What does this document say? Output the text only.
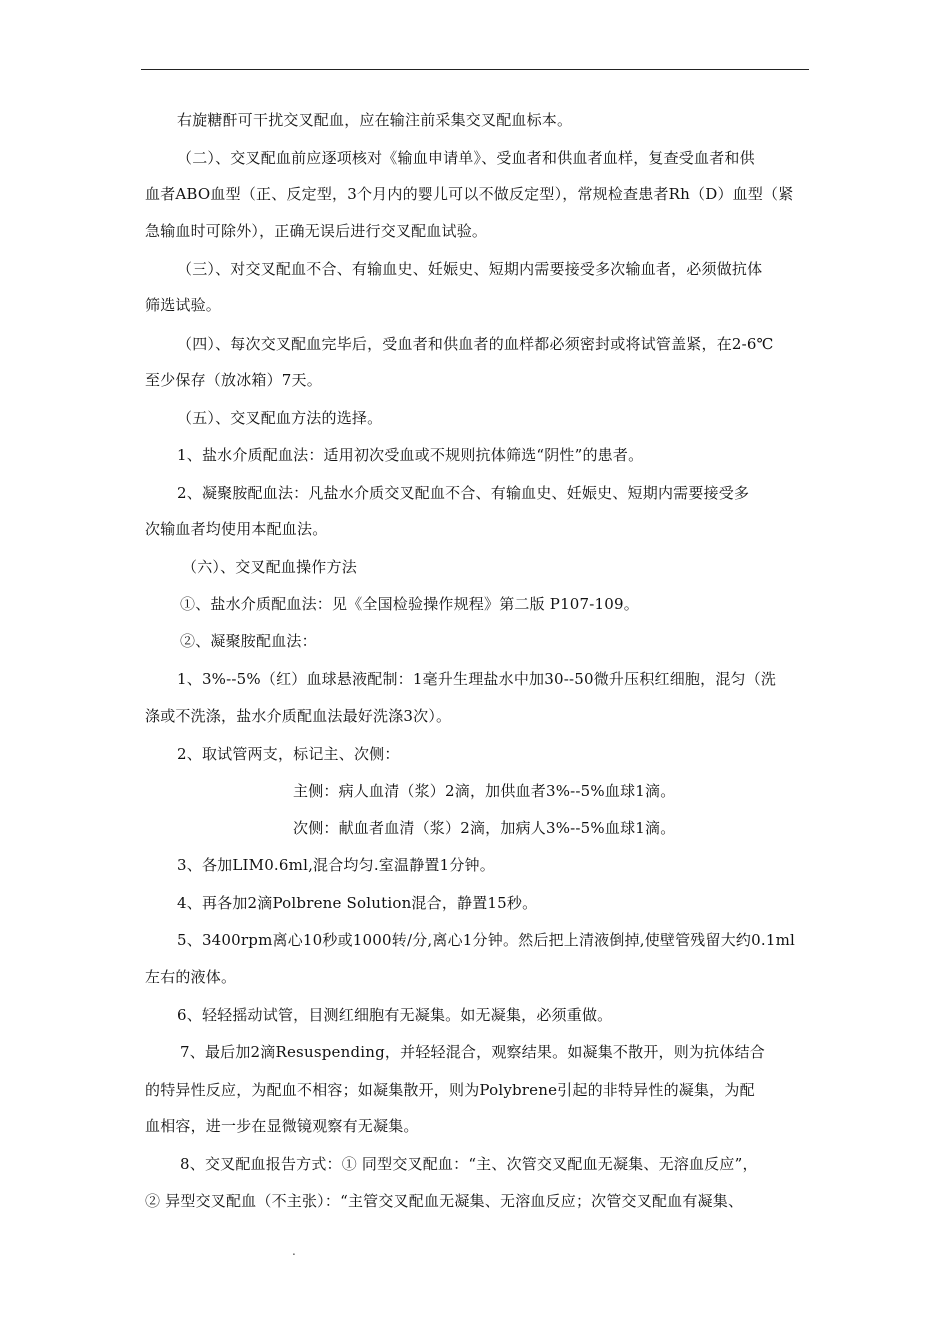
右旋糖酐可干扰交叉配血，应在输注前采集交叉配血标本。
（二）、交叉配血前应逐项核对《输血申请单》、受血者和供血者血样，复查受血者和供
血者ABO血型（正、反定型，3个月内的婴儿可以不做反定型），常规检查患者Rh（D）血型（紧
急输血时可除外），正确无误后进行交叉配血试验。
（三）、对交叉配血不合、有输血史、妊娠史、短期内需要接受多次输血者，必须做抗体
筛选试验。
（四）、每次交叉配血完毕后，受血者和供血者的血样都必须密封或将试管盖紧，在2-6℃
至少保存（放冰箱）7天。
（五）、交叉配血方法的选择。
1、盐水介质配血法：适用初次受血或不规则抗体筛选“阴性”的患者。
2、凝聚胺配血法：凡盐水介质交叉配血不合、有输血史、妊娠史、短期内需要接受多
次输血者均使用本配血法。
（六）、交叉配血操作方法
①、盐水介质配血法：见《全国检验操作规程》第二版 P107-109。
②、凝聚胺配血法：
1、3%--5%（红）血球悬液配制：1毫升生理盐水中加30--50微升压积红细胞，混匀（洗
涤或不洗涤，盐水介质配血法最好洗涤3次）。
2、取试管两支，标记主、次侧：
主侧：病人血清（浆）2滴，加供血者3%--5%血球1滴。
次侧：献血者血清（浆）2滴，加病人3%--5%血球1滴。
3、各加LIM0.6ml,混合均匀.室温静置1分钟。
4、再各加2滴Polbrene Solution混合，静置15秒。
5、3400rpm离心10秒或1000转/分,离心1分钟。然后把上清液倒掉,使壁管残留大约0.1ml
左右的液体。
6、轻轻摇动试管，目测红细胞有无凝集。如无凝集，必须重做。
7、最后加2滴Resuspending，并轻轻混合，观察结果。如凝集不散开，则为抗体结合
的特异性反应，为配血不相容；如凝集散开，则为Polybrene引起的非特异性的凝集，为配
血相容，进一步在显微镜观察有无凝集。
8、交叉配血报告方式：① 同型交叉配血：“主、次管交叉配血无凝集、无溶血反应”，
② 异型交叉配血（不主张）：“主管交叉配血无凝集、无溶血反应；次管交叉配血有凝集、
.
